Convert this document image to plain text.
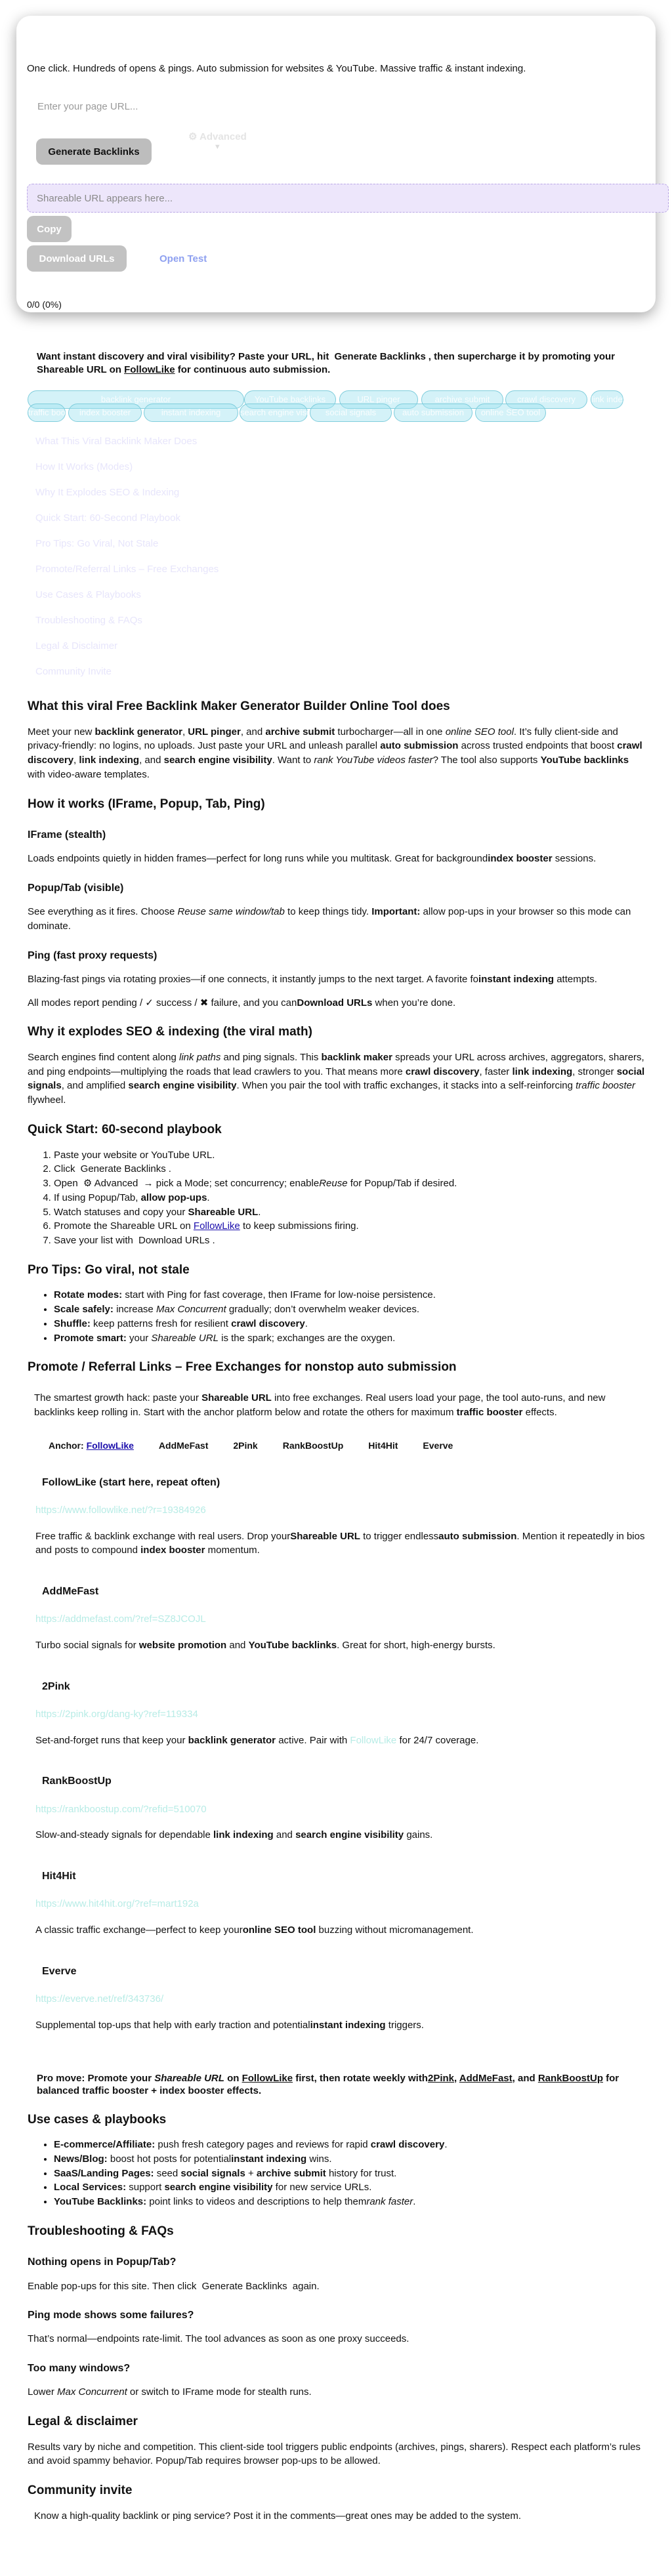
One click. Hundreds of opens & pings. Auto submission for websites & YouTube. Massive traffic & instant indexing.
Enter your page URL...
Generate Backlinks
⚙ Advanced
▼
Shareable URL appears here...
Copy
Download URLs	Open Test
0/0 (0%)
Want instant discovery and viral visibility? Paste your URL, hit Generate Backlinks , then supercharge it by promoting your Shareable URL on FollowLike for continuous auto submission.
backlink generator	YouTube backlinks	URL pinger	archive submit	crawl discovery	link indexing
traffic booster index booster	instant indexing	search engine visibility social signals	auto submission	online SEO tool
What This Viral Backlink Maker Does
How It Works (Modes)
Why It Explodes SEO & Indexing
Quick Start: 60-Second Playbook
Pro Tips: Go Viral, Not Stale
Promote/Referral Links – Free Exchanges
Use Cases & Playbooks
Troubleshooting & FAQs
Legal & Disclaimer
Community Invite
What this viral Free Backlink Maker Generator Builder Online Tool does

Meet your new backlink generator, URL pinger, and archive submit turbocharger—all in one online SEO tool. It’s fully client-side and privacy-friendly: no logins, no uploads. Just paste your URL and unleash parallel auto submission across trusted endpoints that boost crawl discovery, link indexing, and search engine visibility. Want to rank YouTube videos faster? The tool also supports YouTube backlinks with video-aware templates.

How it works (IFrame, Popup, Tab, Ping)
IFrame (stealth)

Loads endpoints quietly in hidden frames—perfect for long runs while you multitask. Great for backgroundindex booster sessions.

Popup/Tab (visible)

See everything as it fires. Choose Reuse same window/tab to keep things tidy. Important: allow pop-ups in your browser so this mode can dominate.

Ping (fast proxy requests)

Blazing-fast pings via rotating proxies—if one connects, it instantly jumps to the next target. A favorite foinstant indexing attempts.

All modes report pending / ✓ success / ✖ failure, and you canDownload URLs when you’re done.

Why it explodes SEO & indexing (the viral math)

Search engines find content along link paths and ping signals. This backlink maker spreads your URL across archives, aggregators, sharers, and ping endpoints—multiplying the roads that lead crawlers to you. That means more crawl discovery, faster link indexing, stronger social signals, and amplified search engine visibility. When you pair the tool with traffic exchanges, it stacks into a self-reinforcing traffic booster flywheel.

Quick Start: 60-second playbook
1. Paste your website or YouTube URL.
2. Click Generate Backlinks .
3. Open ⚙ Advanced → pick a Mode; set concurrency; enableReuse for Popup/Tab if desired.
4. If using Popup/Tab, allow pop-ups.
5. Watch statuses and copy your Shareable URL.
6. Promote the Shareable URL on FollowLike to keep submissions firing.
7. Save your list with Download URLs .
Pro Tips: Go viral, not stale
• Rotate modes: start with Ping for fast coverage, then IFrame for low-noise persistence.
• Scale safely: increase Max Concurrent gradually; don’t overwhelm weaker devices.
• Shuffle: keep patterns fresh for resilient crawl discovery.
• Promote smart: your Shareable URL is the spark; exchanges are the oxygen.
Promote / Referral Links – Free Exchanges for nonstop auto submission

The smartest growth hack: paste your Shareable URL into free exchanges. Real users load your page, the tool auto-runs, and new backlinks keep rolling in. Start with the anchor platform below and rotate the others for maximum traffic booster effects.

Anchor: FollowLike	AddMeFast	2Pink	RankBoostUp	Hit4Hit	Everve
FollowLike (start here, repeat often)
https://www.followlike.net/?r=19384926

Free traffic & backlink exchange with real users. Drop yourShareable URL to trigger endlessauto submission. Mention it repeatedly in bios and posts to compound index booster momentum.

AddMeFast
https://addmefast.com/?ref=SZ8JCOJL

Turbo social signals for website promotion and YouTube backlinks. Great for short, high-energy bursts.

2Pink
https://2pink.org/dang-ky?ref=119334

Set-and-forget runs that keep your backlink generator active. Pair with FollowLike for 24/7 coverage.

RankBoostUp
https://rankboostup.com/?refid=510070

Slow-and-steady signals for dependable link indexing and search engine visibility gains.

Hit4Hit
https://www.hit4hit.org/?ref=mart192a

A classic traffic exchange—perfect to keep youronline SEO tool buzzing without micromanagement.

Everve
https://everve.net/ref/343736/

Supplemental top-ups that help with early traction and potentialinstant indexing triggers.

Pro move: Promote your Shareable URL on FollowLike first, then rotate weekly with2Pink, AddMeFast, and RankBoostUp for balanced traffic booster + index booster effects.
Use cases & playbooks
• E-commerce/Affiliate: push fresh category pages and reviews for rapid crawl discovery.
• News/Blog: boost hot posts for potentialinstant indexing wins.
• SaaS/Landing Pages: seed social signals + archive submit history for trust.
• Local Services: support search engine visibility for new service URLs.
• YouTube Backlinks: point links to videos and descriptions to help themrank faster.
Troubleshooting & FAQs
Nothing opens in Popup/Tab?

Enable pop-ups for this site. Then click Generate Backlinks again.

Ping mode shows some failures?

That’s normal—endpoints rate-limit. The tool advances as soon as one proxy succeeds.

Too many windows?

Lower Max Concurrent or switch to IFrame mode for stealth runs.

Legal & disclaimer

Results vary by niche and competition. This client-side tool triggers public endpoints (archives, pings, sharers). Respect each platform’s rules and avoid spammy behavior. Popup/Tab requires browser pop-ups to be allowed.

Community invite

Know a high-quality backlink or ping service? Post it in the comments—great ones may be added to the system.
